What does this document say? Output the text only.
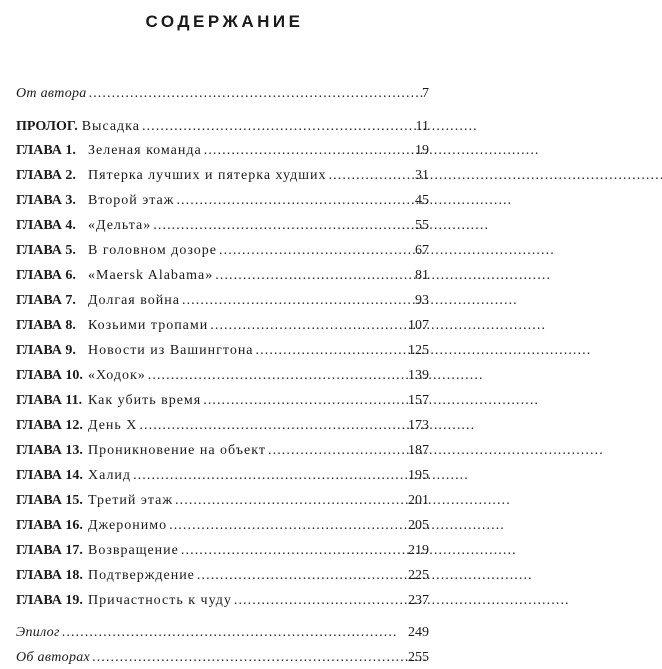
СОДЕРЖАНИЕ
От автора . . .	7
ПРОЛОГ. Высадка . . .	11
ГЛАВА 1. Зеленая команда . . .	19
ГЛАВА 2. Пятерка лучших и пятерка худших . . .	31
ГЛАВА 3. Второй этаж . . .	45
ГЛАВА 4. «Дельта» . . .	55
ГЛАВА 5. В головном дозоре . . .	67
ГЛАВА 6. «Maersk Alabama» . . .	81
ГЛАВА 7. Долгая война . . .	93
ГЛАВА 8. Козьими тропами . . .	107
ГЛАВА 9. Новости из Вашингтона . . .	125
ГЛАВА 10. «Ходок» . . .	139
ГЛАВА 11. Как убить время . . .	157
ГЛАВА 12. День Х . . .	173
ГЛАВА 13. Проникновение на объект . . .	187
ГЛАВА 14. Халид . . .	195
ГЛАВА 15. Третий этаж . . .	201
ГЛАВА 16. Джеронимо . . .	205
ГЛАВА 17. Возвращение . . .	219
ГЛАВА 18. Подтверждение . . .	225
ГЛАВА 19. Причастность к чуду . . .	237
Эпилог . . .	249
Об авторах . . .	255
